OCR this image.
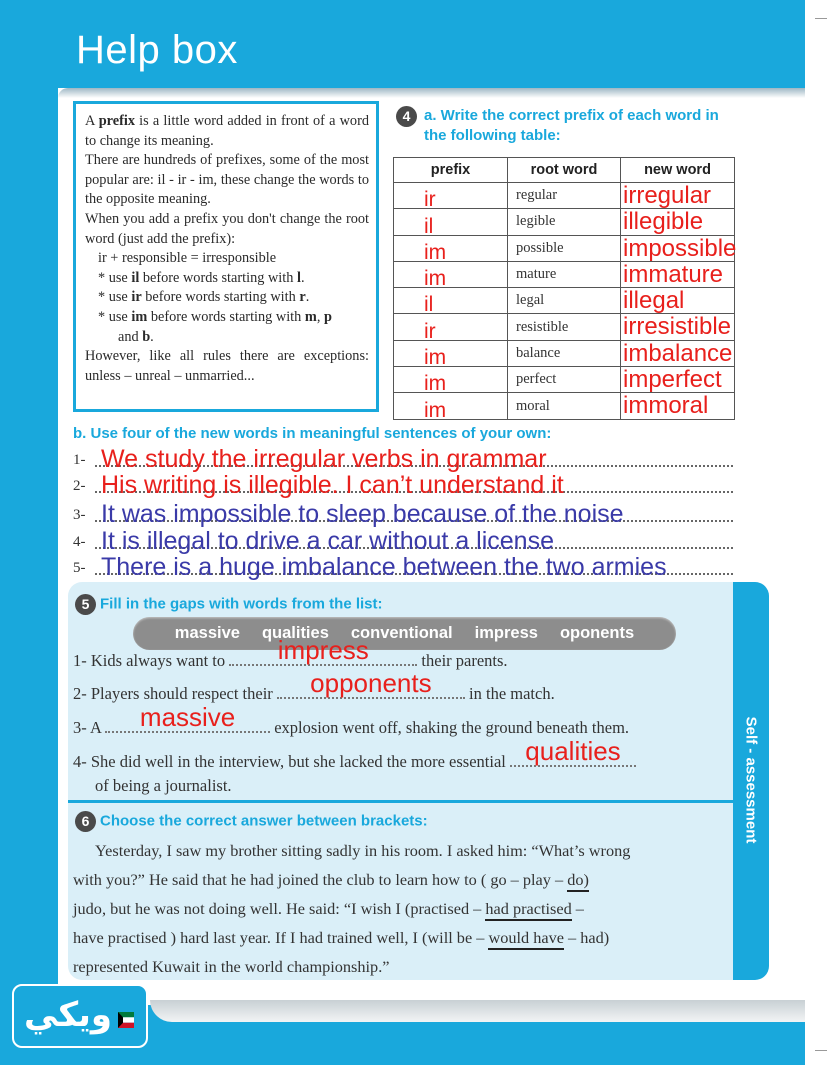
Help box

A prefix is a little word added in front of a word to change its meaning.

There are hundreds of prefixes, some of the most popular are: il - ir - im, these change the words to the opposite meaning.

When you add a prefix you don't change the root word (just add the prefix):

ir + responsible = irresponsible

* use il before words starting with l.

* use ir before words starting with r.

* use im before words starting with m, p
and b.

However, like all rules there are exceptions: unless – unreal – unmarried...

4 a. Write the correct prefix of each word in the following table:
prefix	root word	new word

ir	regular	irregular

il	legible	illegible

im	possible	impossible

im	mature	immature

il	legal	illegal

ir	resistible	irresistible

im	balance	imbalance

im	perfect	imperfect

im	moral	immoral
b. Use four of the new words in meaningful sentences of your own:
1- We study the irregular verbs in grammar
2- His writing is illegible. I can’t understand it
3- It was impossible to sleep because of the noise
4- It is illegal to drive a car without a license
5- There is a huge imbalance between the two armies
Self - assessment
5 Fill in the gaps with words from the list:
massive qualities conventional impress oponents
1- Kids always want to	impress	their parents.
2- Players should respect their	opponents	in the match.
3- A	massive	explosion went off, shaking the ground beneath them.
4- She did well in the interview, but she lacked the more essential qualities
of being a journalist.
6 Choose the correct answer between brackets:
Yesterday, I saw my brother sitting sadly in his room. I asked him: “What’s wrong
with you?” He said that he had joined the club to learn how to ( go – play – do)
judo, but he was not doing well. He said: “I wish I (practised – had practised –
have practised ) hard last year. If I had trained well, I (will be – would have – had)
represented Kuwait in the world championship.”
ويكي
